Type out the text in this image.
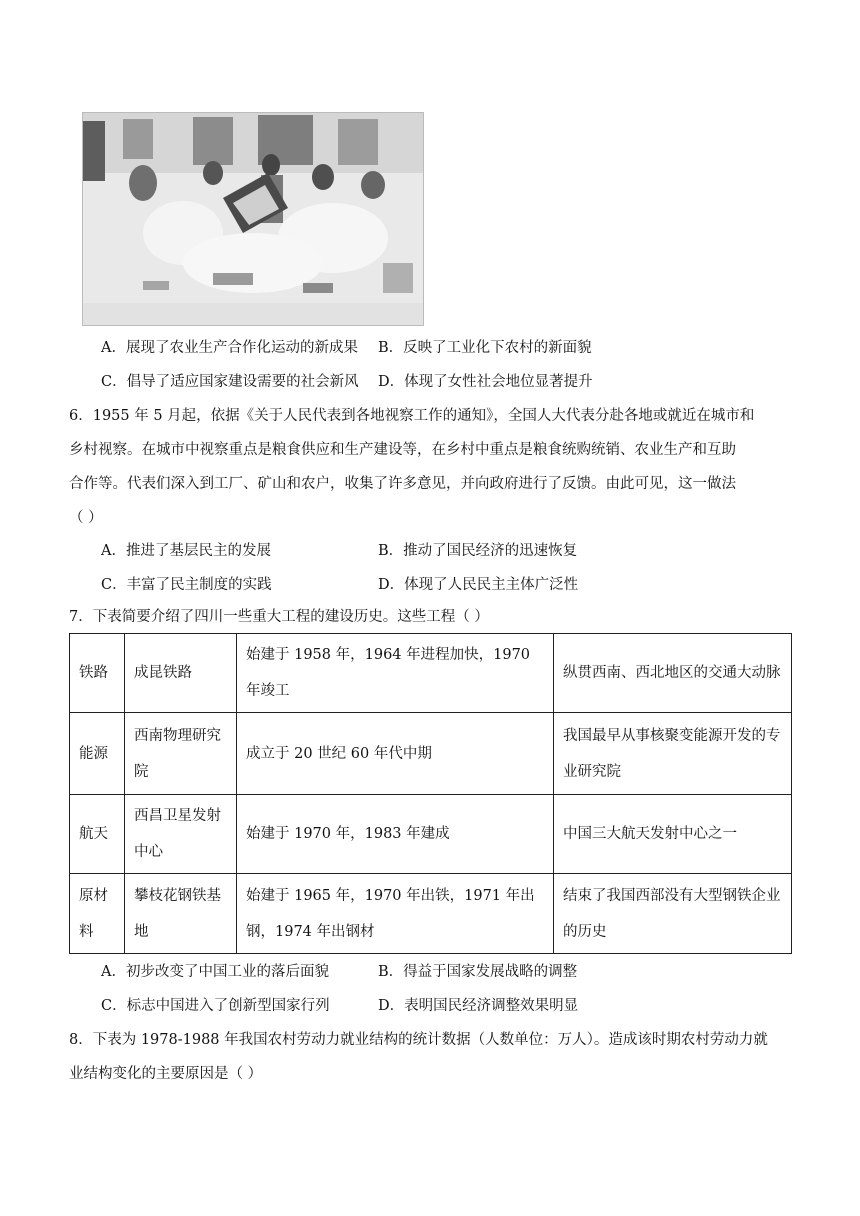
A．展现了农业生产合作化运动的新成果 B．反映了工业化下农村的新面貌
C．倡导了适应国家建设需要的社会新风 D．体现了女性社会地位显著提升
6．1955 年 5 月起，依据《关于人民代表到各地视察工作的通知》，全国人大代表分赴各地或就近在城市和
乡村视察。在城市中视察重点是粮食供应和生产建设等，在乡村中重点是粮食统购统销、农业生产和互助
合作等。代表们深入到工厂、矿山和农户，收集了许多意见，并向政府进行了反馈。由此可见，这一做法
（ ）
A．推进了基层民主的发展	B．推动了国民经济的迅速恢复
C．丰富了民主制度的实践	D．体现了人民民主主体广泛性
7．下表简要介绍了四川一些重大工程的建设历史。这些工程（ ）
铁路	成昆铁路	始建于 1958 年，1964 年进程加快，1970 年竣工	纵贯西南、西北地区的交通大动脉
能源	西南物理研究院	成立于 20 世纪 60 年代中期	我国最早从事核聚变能源开发的专业研究院
航天	西昌卫星发射中心	始建于 1970 年，1983 年建成	中国三大航天发射中心之一
原材料	攀枝花钢铁基地	始建于 1965 年，1970 年出铁，1971 年出钢，1974 年出钢材	结束了我国西部没有大型钢铁企业的历史
A．初步改变了中国工业的落后面貌	B．得益于国家发展战略的调整
C．标志中国进入了创新型国家行列	D．表明国民经济调整效果明显
8．下表为 1978-1988 年我国农村劳动力就业结构的统计数据（人数单位：万人）。造成该时期农村劳动力就
业结构变化的主要原因是（ ）
